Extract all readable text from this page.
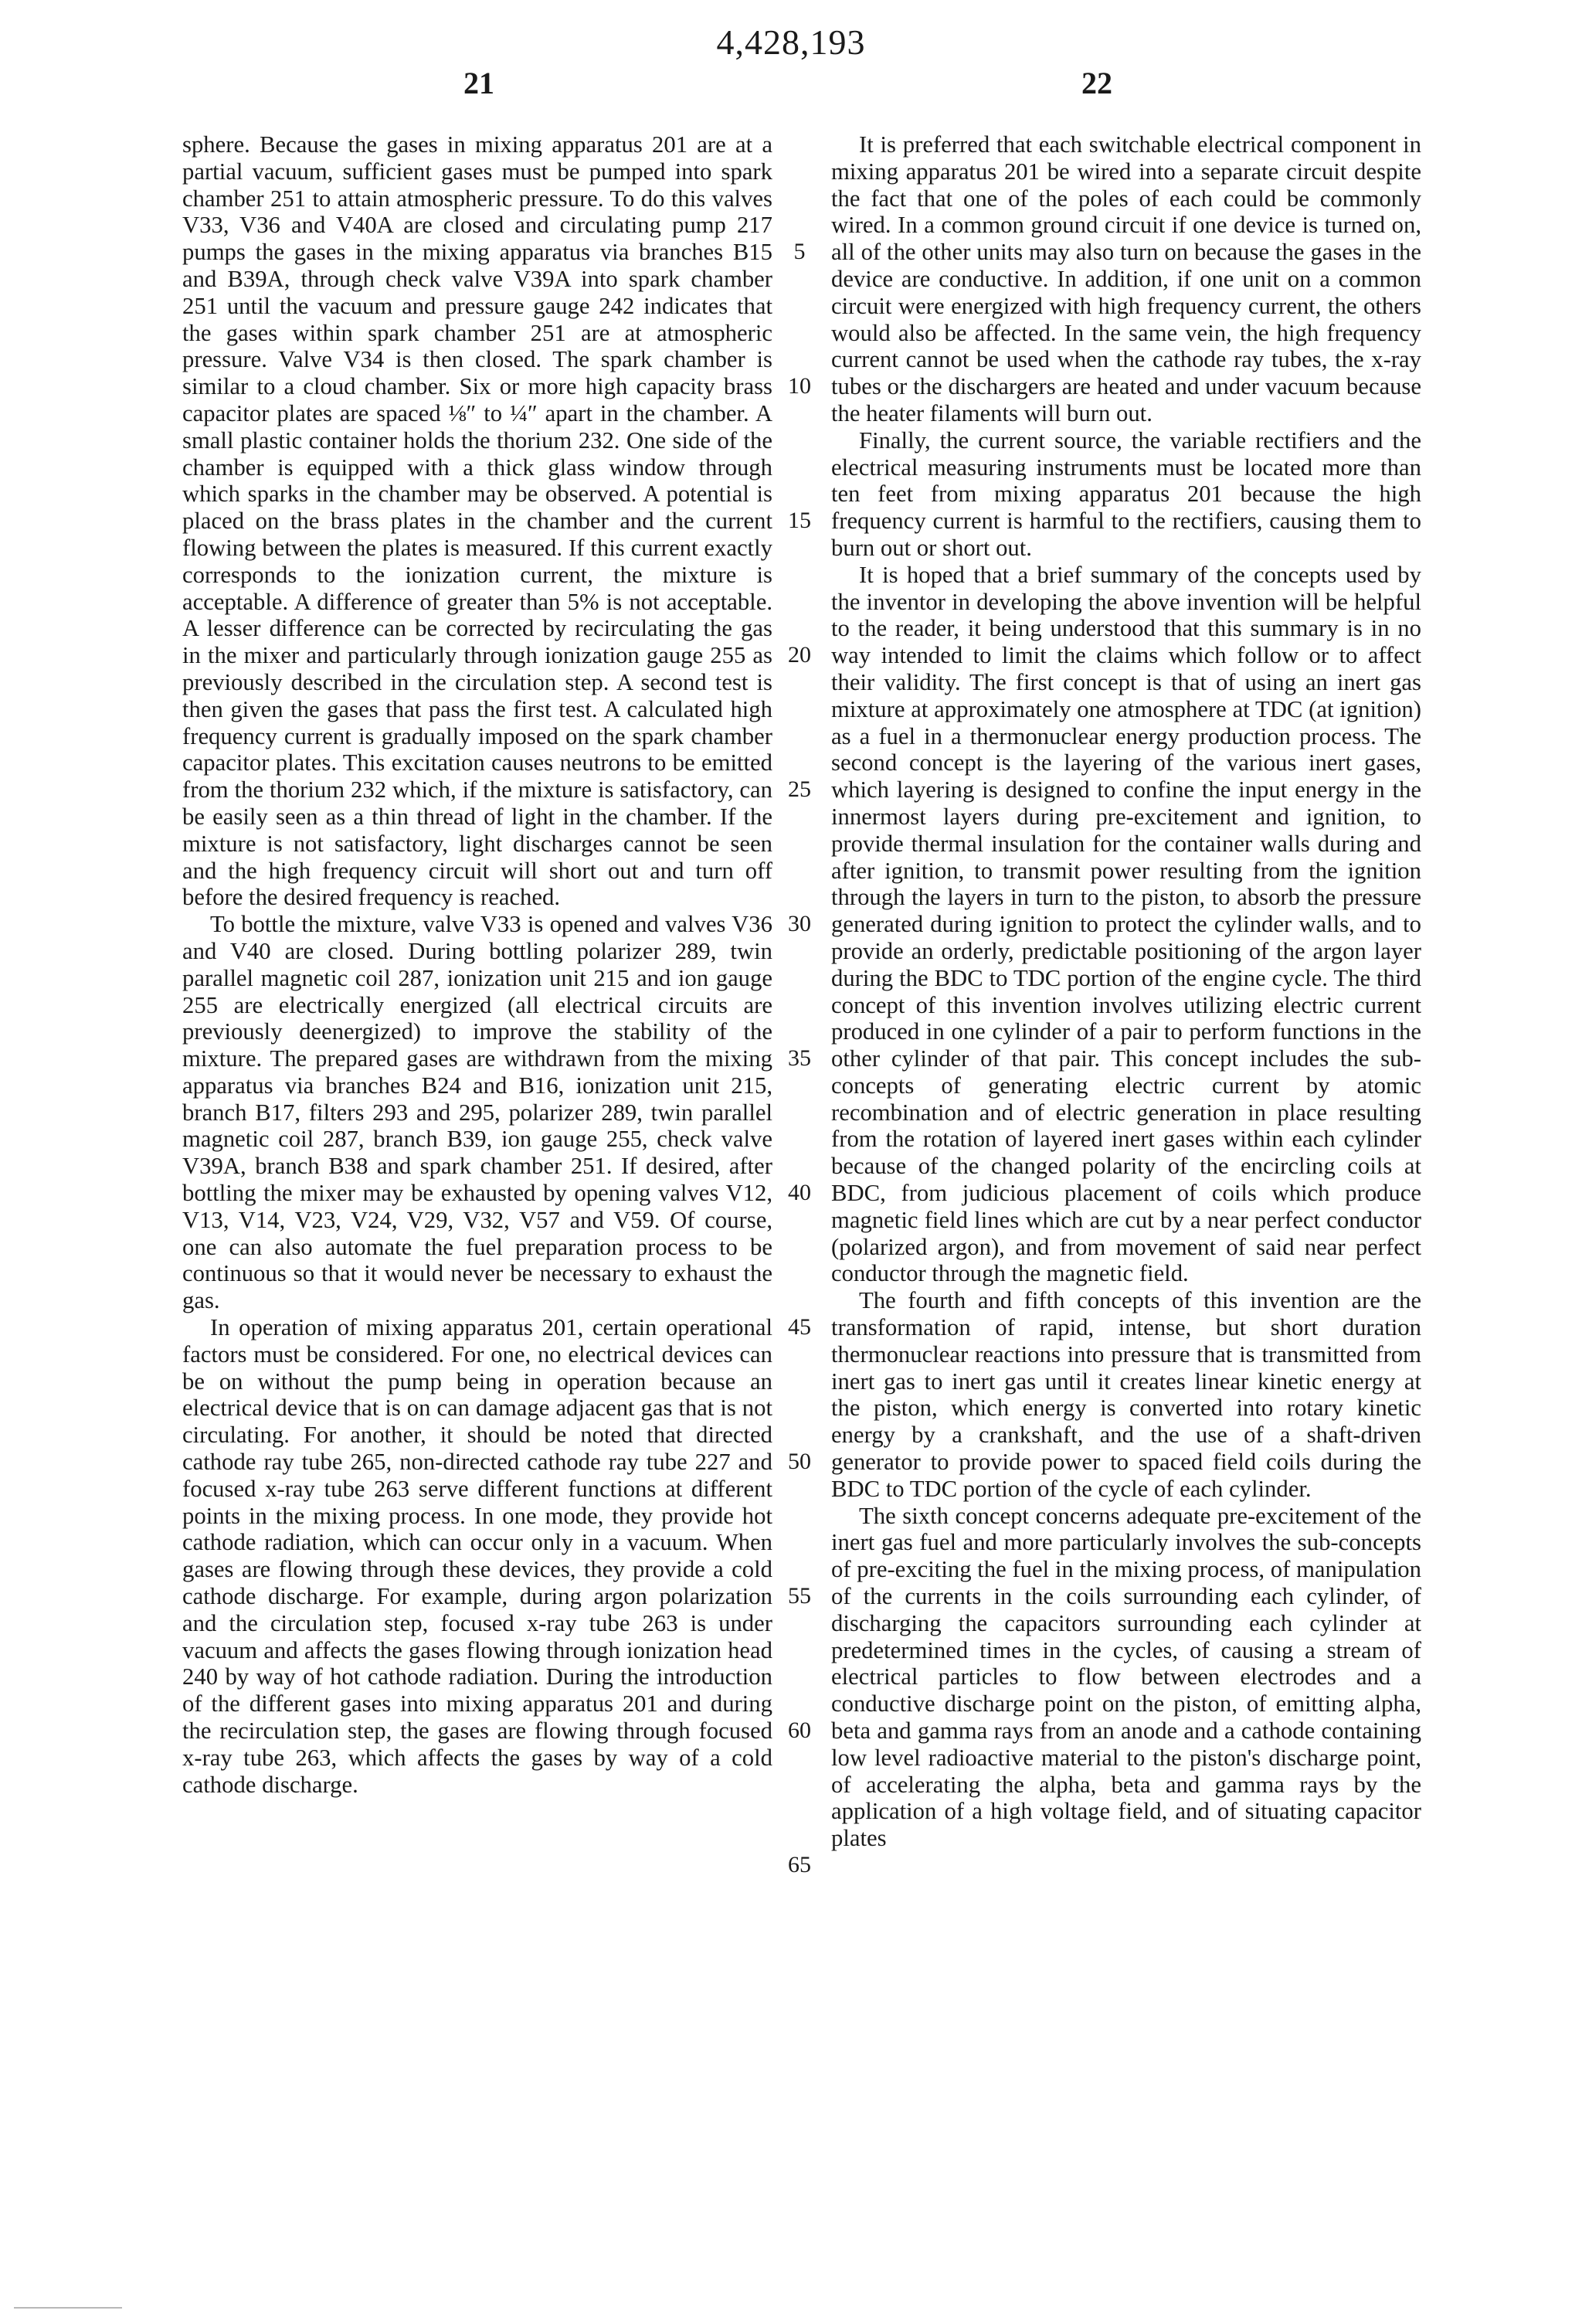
4,428,193
21	22

sphere. Because the gases in mixing apparatus 201 are at a partial vacuum, sufficient gases must be pumped into spark chamber 251 to attain atmospheric pressure. To do this valves V33, V36 and V40A are closed and circulating pump 217 pumps the gases in the mixing apparatus via branches B15 and B39A, through check valve V39A into spark chamber 251 until the vacuum and pressure gauge 242 indicates that the gases within spark chamber 251 are at atmospheric pressure. Valve V34 is then closed. The spark chamber is similar to a cloud chamber. Six or more high capacity brass capacitor plates are spaced ⅛″ to ¼″ apart in the chamber. A small plastic container holds the thorium 232. One side of the chamber is equipped with a thick glass window through which sparks in the chamber may be observed. A potential is placed on the brass plates in the chamber and the current flowing between the plates is measured. If this current exactly corresponds to the ionization current, the mixture is acceptable. A difference of greater than 5% is not acceptable. A lesser difference can be corrected by recirculating the gas in the mixer and particularly through ionization gauge 255 as previously described in the circulation step. A second test is then given the gases that pass the first test. A calculated high frequency current is gradually imposed on the spark chamber capacitor plates. This excitation causes neutrons to be emitted from the thorium 232 which, if the mixture is satisfactory, can be easily seen as a thin thread of light in the chamber. If the mixture is not satisfactory, light discharges cannot be seen and the high frequency circuit will short out and turn off before the desired frequency is reached.

To bottle the mixture, valve V33 is opened and valves V36 and V40 are closed. During bottling polarizer 289, twin parallel magnetic coil 287, ionization unit 215 and ion gauge 255 are electrically energized (all electrical circuits are previously deenergized) to improve the stability of the mixture. The prepared gases are withdrawn from the mixing apparatus via branches B24 and B16, ionization unit 215, branch B17, filters 293 and 295, polarizer 289, twin parallel magnetic coil 287, branch B39, ion gauge 255, check valve V39A, branch B38 and spark chamber 251. If desired, after bottling the mixer may be exhausted by opening valves V12, V13, V14, V23, V24, V29, V32, V57 and V59. Of course, one can also automate the fuel preparation process to be continuous so that it would never be necessary to exhaust the gas.

In operation of mixing apparatus 201, certain operational factors must be considered. For one, no electrical devices can be on without the pump being in operation because an electrical device that is on can damage adjacent gas that is not circulating. For another, it should be noted that directed cathode ray tube 265, non-directed cathode ray tube 227 and focused x-ray tube 263 serve different functions at different points in the mixing process. In one mode, they provide hot cathode radiation, which can occur only in a vacuum. When gases are flowing through these devices, they provide a cold cathode discharge. For example, during argon polarization and the circulation step, focused x-ray tube 263 is under vacuum and affects the gases flowing through ionization head 240 by way of hot cathode radiation. During the introduction of the different gases into mixing apparatus 201 and during the recirculation step, the gases are flowing through focused x-ray tube 263, which affects the gases by way of a cold cathode discharge.

5
10
15
20
25
30
35
40
45
50
55
60
65

It is preferred that each switchable electrical component in mixing apparatus 201 be wired into a separate circuit despite the fact that one of the poles of each could be commonly wired. In a common ground circuit if one device is turned on, all of the other units may also turn on because the gases in the device are conductive. In addition, if one unit on a common circuit were energized with high frequency current, the others would also be affected. In the same vein, the high frequency current cannot be used when the cathode ray tubes, the x-ray tubes or the dischargers are heated and under vacuum because the heater filaments will burn out.

Finally, the current source, the variable rectifiers and the electrical measuring instruments must be located more than ten feet from mixing apparatus 201 because the high frequency current is harmful to the rectifiers, causing them to burn out or short out.

It is hoped that a brief summary of the concepts used by the inventor in developing the above invention will be helpful to the reader, it being understood that this summary is in no way intended to limit the claims which follow or to affect their validity. The first concept is that of using an inert gas mixture at approximately one atmosphere at TDC (at ignition) as a fuel in a thermonuclear energy production process. The second concept is the layering of the various inert gases, which layering is designed to confine the input energy in the innermost layers during pre-excitement and ignition, to provide thermal insulation for the container walls during and after ignition, to transmit power resulting from the ignition through the layers in turn to the piston, to absorb the pressure generated during ignition to protect the cylinder walls, and to provide an orderly, predictable positioning of the argon layer during the BDC to TDC portion of the engine cycle. The third concept of this invention involves utilizing electric current produced in one cylinder of a pair to perform functions in the other cylinder of that pair. This concept includes the sub-concepts of generating electric current by atomic recombination and of electric generation in place resulting from the rotation of layered inert gases within each cylinder because of the changed polarity of the encircling coils at BDC, from judicious placement of coils which produce magnetic field lines which are cut by a near perfect conductor (polarized argon), and from movement of said near perfect conductor through the magnetic field.

The fourth and fifth concepts of this invention are the transformation of rapid, intense, but short duration thermonuclear reactions into pressure that is transmitted from inert gas to inert gas until it creates linear kinetic energy at the piston, which energy is converted into rotary kinetic energy by a crankshaft, and the use of a shaft-driven generator to provide power to spaced field coils during the BDC to TDC portion of the cycle of each cylinder.

The sixth concept concerns adequate pre-excitement of the inert gas fuel and more particularly involves the sub-concepts of pre-exciting the fuel in the mixing process, of manipulation of the currents in the coils surrounding each cylinder, of discharging the capacitors surrounding each cylinder at predetermined times in the cycles, of causing a stream of electrical particles to flow between electrodes and a conductive discharge point on the piston, of emitting alpha, beta and gamma rays from an anode and a cathode containing low level radioactive material to the piston's discharge point, of accelerating the alpha, beta and gamma rays by the application of a high voltage field, and of situating capacitor plates
